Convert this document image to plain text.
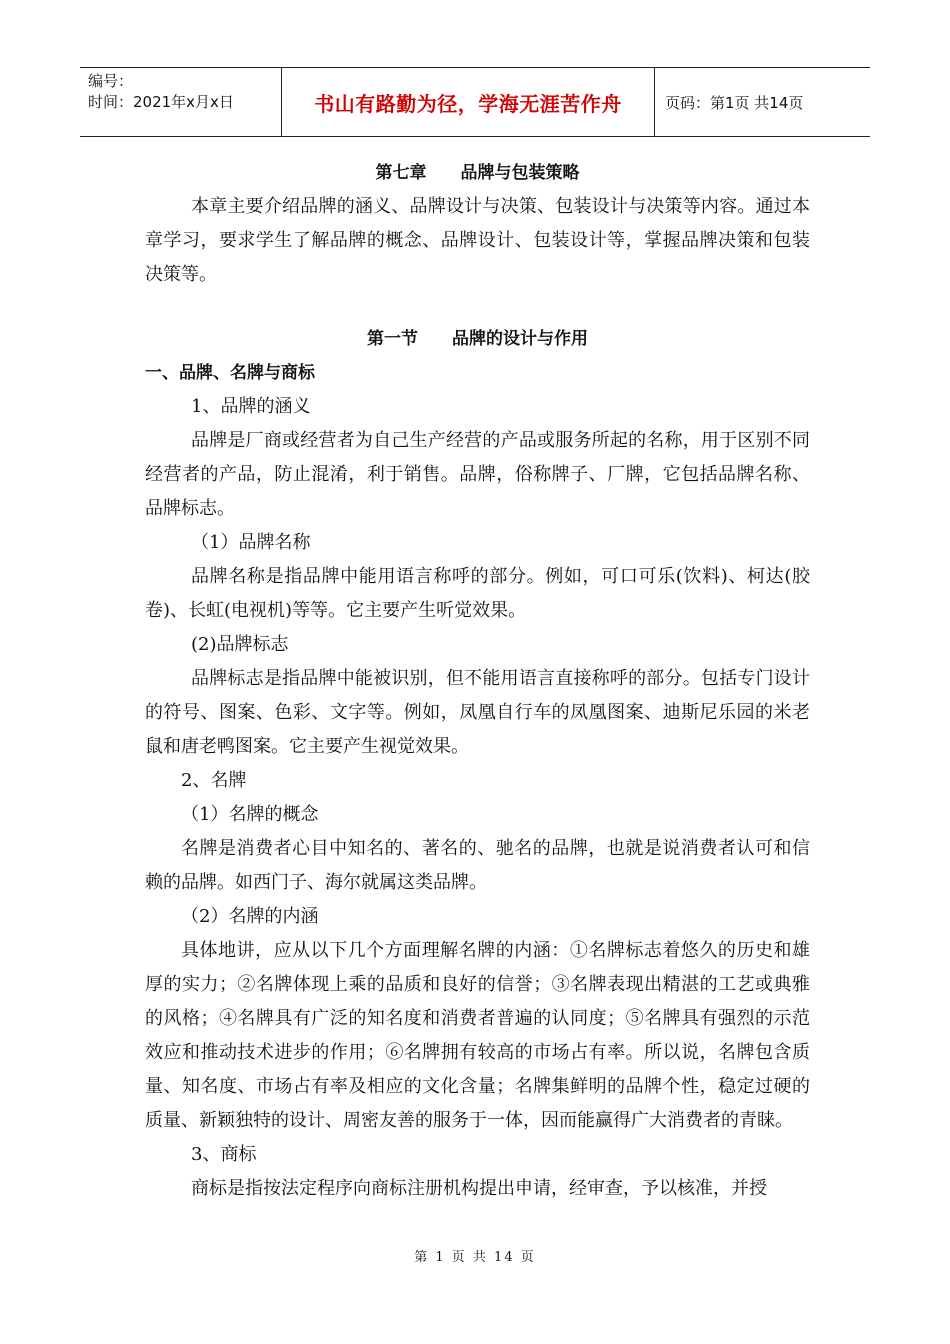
编号：
时间：2021年x月x日	书山有路勤为径，学海无涯苦作舟	页码：第1页 共14页

第七章　　品牌与包装策略

本章主要介绍品牌的涵义、品牌设计与决策、包装设计与决策等内容。通过本章学习，要求学生了解品牌的概念、品牌设计、包装设计等，掌握品牌决策和包装决策等。

第一节　　品牌的设计与作用

一、品牌、名牌与商标

1、品牌的涵义

品牌是厂商或经营者为自己生产经营的产品或服务所起的名称，用于区别不同经营者的产品，防止混淆，利于销售。品牌，俗称牌子、厂牌，它包括品牌名称、品牌标志。

（1）品牌名称

品牌名称是指品牌中能用语言称呼的部分。例如，可口可乐(饮料)、柯达(胶卷)、长虹(电视机)等等。它主要产生听觉效果。

(2)品牌标志

品牌标志是指品牌中能被识别，但不能用语言直接称呼的部分。包括专门设计的符号、图案、色彩、文字等。例如，凤凰自行车的凤凰图案、迪斯尼乐园的米老鼠和唐老鸭图案。它主要产生视觉效果。

2、名牌

（1）名牌的概念

名牌是消费者心目中知名的、著名的、驰名的品牌，也就是说消费者认可和信赖的品牌。如西门子、海尔就属这类品牌。

（2）名牌的内涵

具体地讲，应从以下几个方面理解名牌的内涵：①名牌标志着悠久的历史和雄厚的实力；②名牌体现上乘的品质和良好的信誉；③名牌表现出精湛的工艺或典雅的风格；④名牌具有广泛的知名度和消费者普遍的认同度；⑤名牌具有强烈的示范效应和推动技术进步的作用；⑥名牌拥有较高的市场占有率。所以说，名牌包含质量、知名度、市场占有率及相应的文化含量；名牌集鲜明的品牌个性，稳定过硬的质量、新颖独特的设计、周密友善的服务于一体，因而能赢得广大消费者的青睐。

3、商标

商标是指按法定程序向商标注册机构提出申请，经审查，予以核准，并授

第 1 页 共 14 页
